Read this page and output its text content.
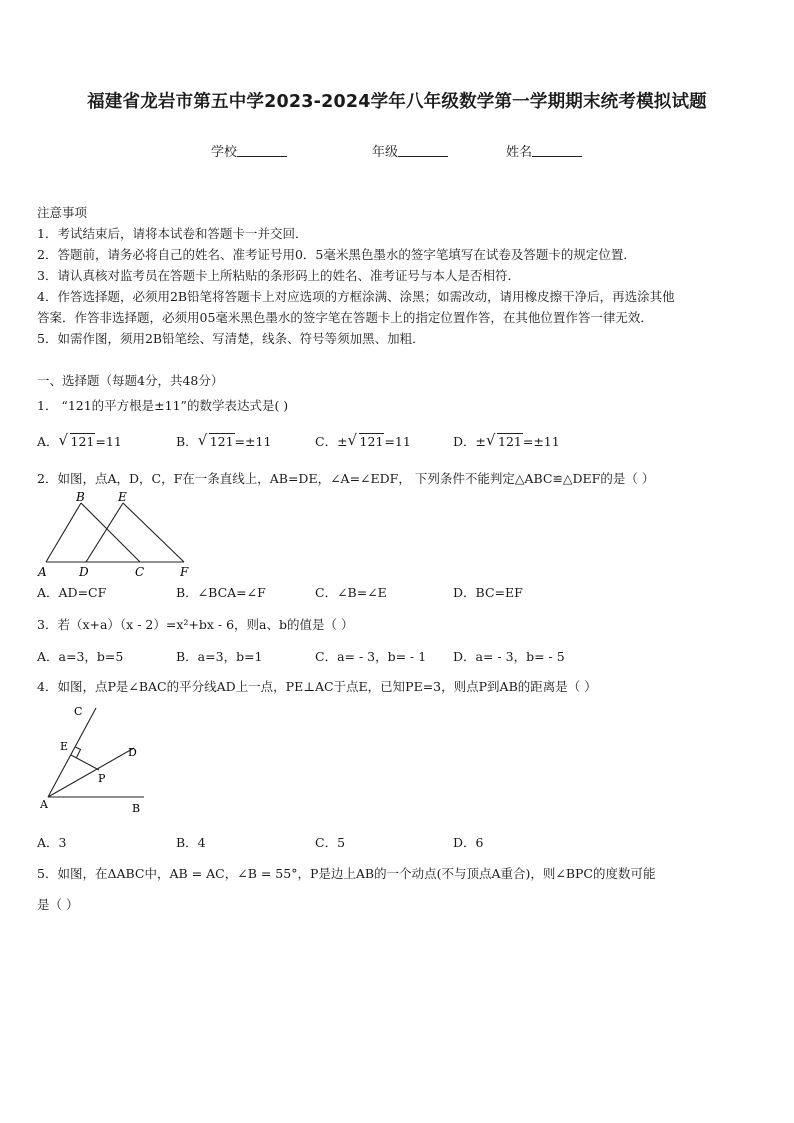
福建省龙岩市第五中学2023-2024学年八年级数学第一学期期末统考模拟试题
学校	年级	姓名
注意事项
1．考试结束后，请将本试卷和答题卡一并交回．
2．答题前，请务必将自己的姓名、准考证号用0．5毫米黑色墨水的签字笔填写在试卷及答题卡的规定位置．
3．请认真核对监考员在答题卡上所粘贴的条形码上的姓名、准考证号与本人是否相符．
4．作答选择题，必须用2B铅笔将答题卡上对应选项的方框涂满、涂黑；如需改动，请用橡皮擦干净后，再选涂其他
答案．作答非选择题，必须用05毫米黑色墨水的签字笔在答题卡上的指定位置作答，在其他位置作答一律无效．
5．如需作图，须用2B铅笔绘、写清楚，线条、符号等须加黑、加粗．
一、选择题（每题4分，共48分）
1． “121的平方根是±11”的数学表达式是( )
A． √ 121=11	B． √ 121=±11	C．± √ 121=11	D．± √ 121=±11
2．如图，点A，D，C，F在一条直线上，AB=DE，∠A=∠EDF， 下列条件不能判定△ABC≌△DEF的是（ ）
B	E
A	D	C	F
A．AD=CF	B．∠BCA=∠F	C．∠B=∠E	D．BC=EF
3．若（x+a）（x - 2）=x²+bx - 6，则a、b的值是（ ）
A．a=3，b=5	B．a=3，b=1	C．a= - 3，b= - 1 D．a= - 3，b= - 5
4．如图，点P是∠BAC的平分线AD上一点，PE⊥AC于点E，已知PE=3，则点P到AB的距离是（ ）
C
E	D
P
A	B
A．3	B．4	C．5	D．6
5．如图，在ΔABC中，AB = AC，∠B = 55°，P是边上AB的一个动点(不与顶点A重合)，则∠BPC的度数可能
是（ ）
